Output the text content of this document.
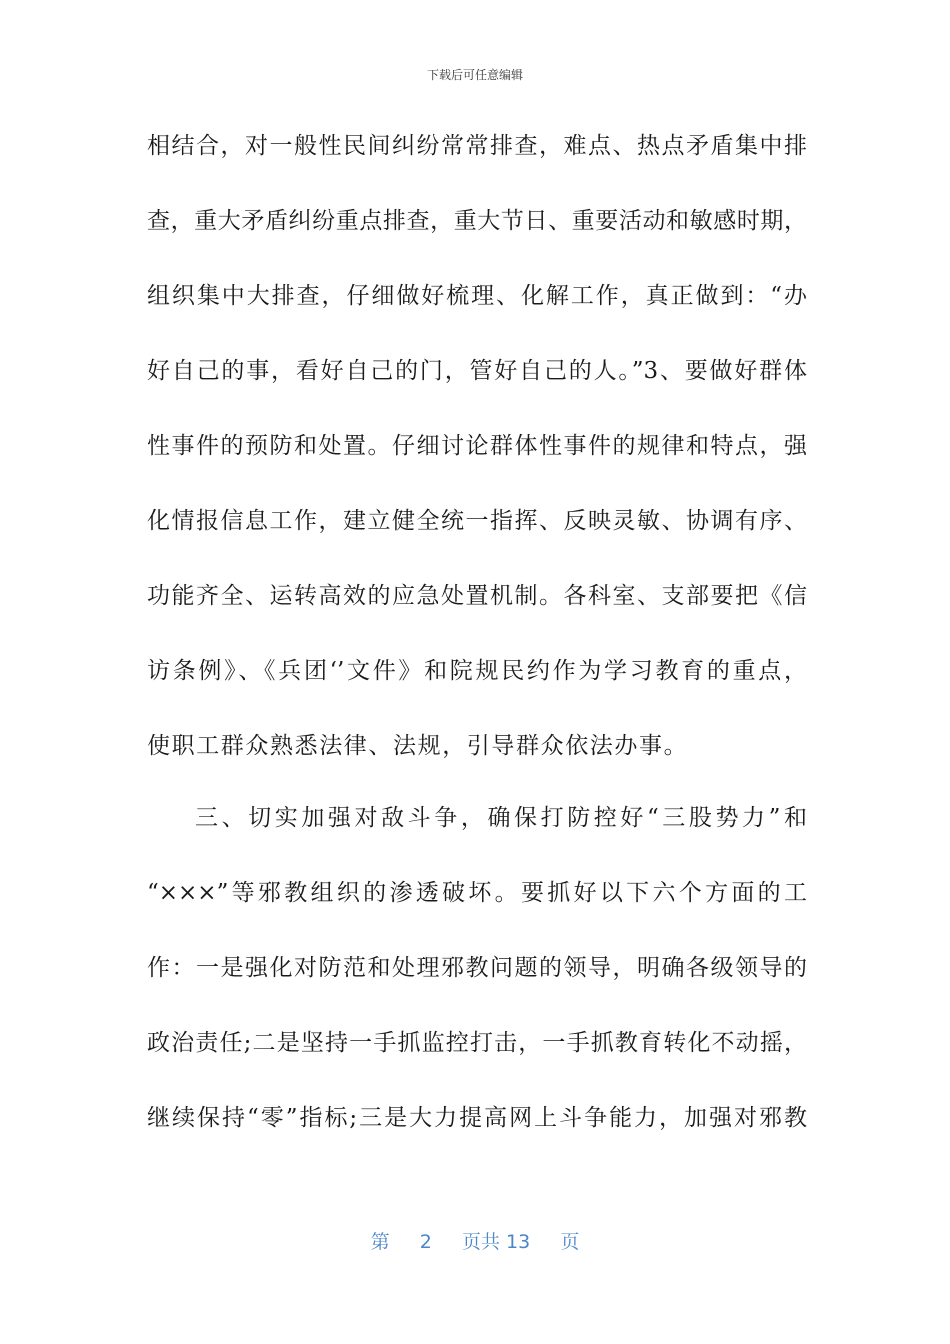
下载后可任意编辑
相结合，对一般性民间纠纷常常排查，难点、热点矛盾集中排
查，重大矛盾纠纷重点排查，重大节日、重要活动和敏感时期，
组织集中大排查，仔细做好梳理、化解工作，真正做到：“办
好自己的事，看好自己的门，管好自己的人。”3、要做好群体
性事件的预防和处置。仔细讨论群体性事件的规律和特点，强
化情报信息工作，建立健全统一指挥、反映灵敏、协调有序、
功能齐全、运转高效的应急处置机制。各科室、支部要把《信
访条例》、《兵团‘’文件》和院规民约作为学习教育的重点，
使职工群众熟悉法律、法规，引导群众依法办事。
三、切实加强对敌斗争，确保打防控好“三股势力”和
“×××”等邪教组织的渗透破坏。要抓好以下六个方面的工
作：一是强化对防范和处理邪教问题的领导，明确各级领导的
政治责任;二是坚持一手抓监控打击，一手抓教育转化不动摇，
继续保持“零”指标;三是大力提高网上斗争能力，加强对邪教
第 2 页共 13 页
